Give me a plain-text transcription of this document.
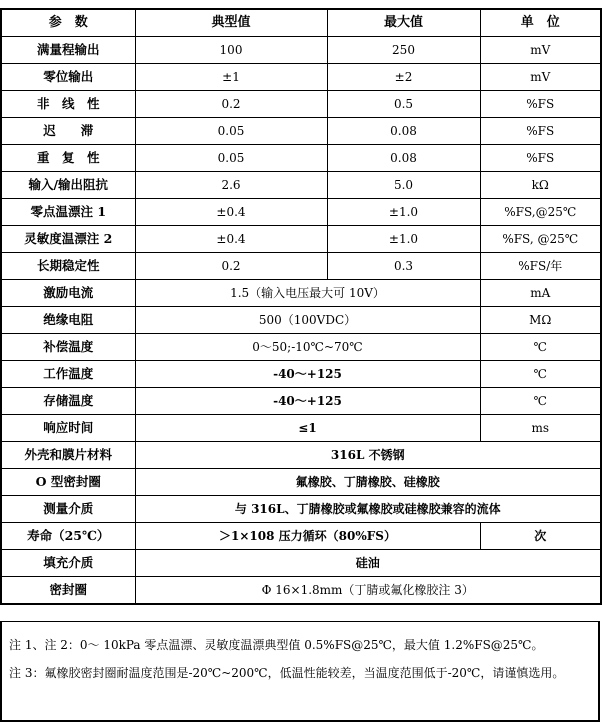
参　数	典型值	最大值	单　位
满量程输出	100	250	mV
零位输出	±1	±2	mV
非　线　性	0.2	0.5	%FS
迟　　滞	0.05	0.08	%FS
重　复　性	0.05	0.08	%FS
输入/输出阻抗	2.6	5.0	kΩ
零点温漂注 1	±0.4	±1.0	%FS,@25℃
灵敏度温漂注 2	±0.4	±1.0	%FS, @25℃
长期稳定性	0.2	0.3	%FS/年
激励电流	1.5（输入电压最大可 10V）		mA
绝缘电阻	500（100VDC）		MΩ
补偿温度	0～50;-10℃~70℃		℃
工作温度	-40～+125		℃
存储温度	-40～+125		℃
响应时间	≤1		ms
外壳和膜片材料	316L 不锈钢		
O 型密封圈	氟橡胶、丁腈橡胶、硅橡胶		
测量介质	与 316L、丁腈橡胶或氟橡胶或硅橡胶兼容的流体		
寿命（25℃）	＞1×108 压力循环（80%FS）		次
填充介质	硅油		
密封圈	Φ 16×1.8mm（丁腈或氟化橡胶注 3）		

注 1、注 2：0～ 10kPa 零点温漂、灵敏度温漂典型值 0.5%FS@25℃，最大值 1.2%FS@25℃。

注 3：氟橡胶密封圈耐温度范围是-20℃~200℃，低温性能较差，当温度范围低于-20℃，请谨慎选用。
